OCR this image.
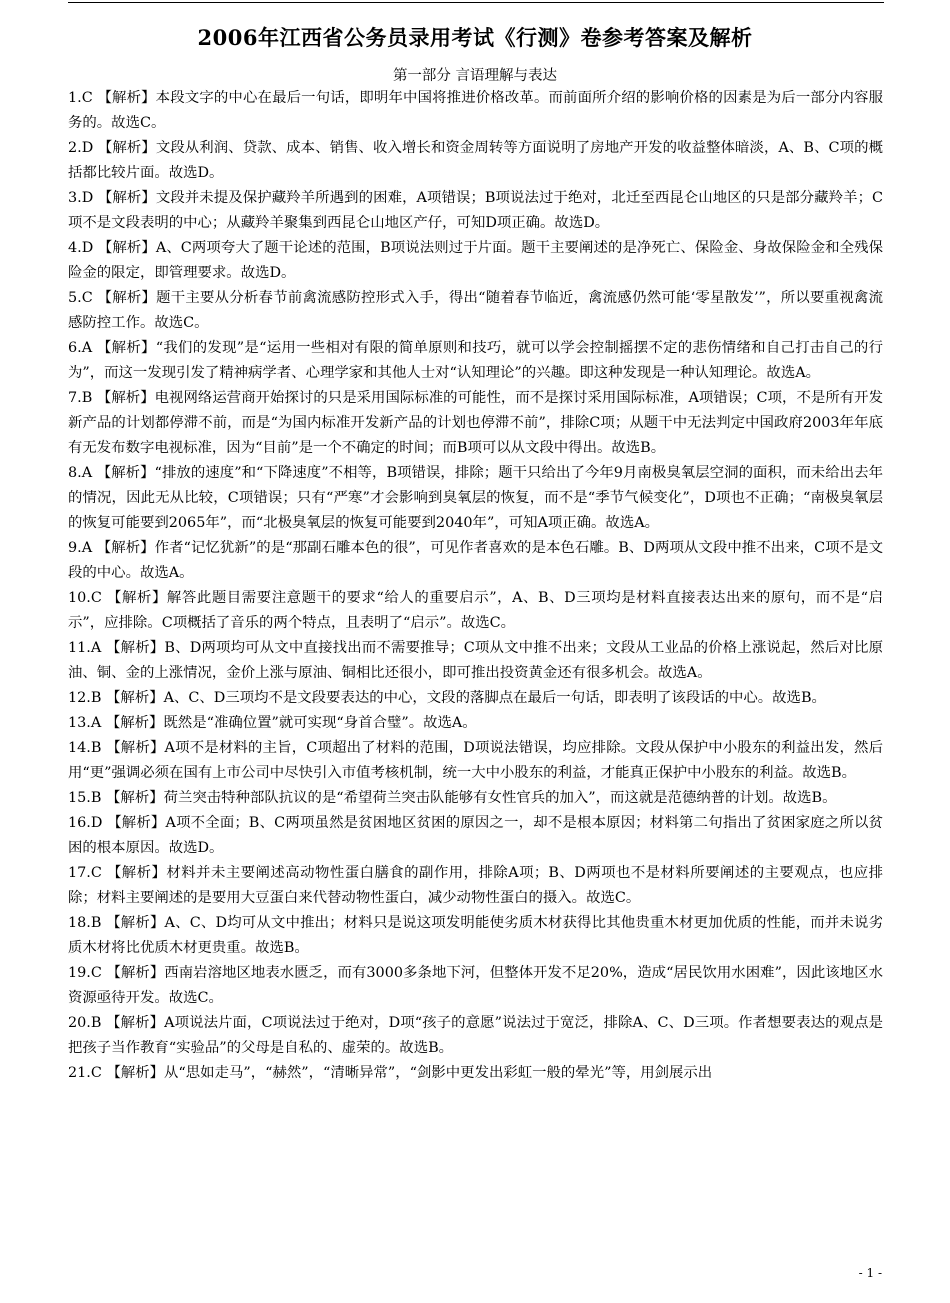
2006年江西省公务员录用考试《行测》卷参考答案及解析
第一部分 言语理解与表达

1.C 【解析】本段文字的中心在最后一句话，即明年中国将推进价格改革。而前面所介绍的影响价格的因素是为后一部分内容服务的。故选C。

2.D 【解析】文段从利润、贷款、成本、销售、收入增长和资金周转等方面说明了房地产开发的收益整体暗淡，A、B、C项的概括都比较片面。故选D。

3.D 【解析】文段并未提及保护藏羚羊所遇到的困难，A项错误；B项说法过于绝对，北迁至西昆仑山地区的只是部分藏羚羊；C项不是文段表明的中心；从藏羚羊聚集到西昆仑山地区产仔，可知D项正确。故选D。

4.D 【解析】A、C两项夸大了题干论述的范围，B项说法则过于片面。题干主要阐述的是净死亡、保险金、身故保险金和全残保险金的限定，即管理要求。故选D。

5.C 【解析】题干主要从分析春节前禽流感防控形式入手，得出“随着春节临近，禽流感仍然可能‘零星散发’”，所以要重视禽流感防控工作。故选C。

6.A 【解析】“我们的发现”是“运用一些相对有限的简单原则和技巧，就可以学会控制摇摆不定的悲伤情绪和自己打击自己的行为”，而这一发现引发了精神病学者、心理学家和其他人士对“认知理论”的兴趣。即这种发现是一种认知理论。故选A。

7.B 【解析】电视网络运营商开始探讨的只是采用国际标准的可能性，而不是探讨采用国际标准，A项错误；C项，不是所有开发新产品的计划都停滞不前，而是“为国内标准开发新产品的计划也停滞不前”，排除C项；从题干中无法判定中国政府2003年年底有无发布数字电视标准，因为“目前”是一个不确定的时间；而B项可以从文段中得出。故选B。

8.A 【解析】“排放的速度”和“下降速度”不相等，B项错误，排除；题干只给出了今年9月南极臭氧层空洞的面积，而未给出去年的情况，因此无从比较，C项错误；只有“严寒”才会影响到臭氧层的恢复，而不是“季节气候变化”，D项也不正确；“南极臭氧层的恢复可能要到2065年”，而“北极臭氧层的恢复可能要到2040年”，可知A项正确。故选A。

9.A 【解析】作者“记忆犹新”的是“那副石雕本色的很”，可见作者喜欢的是本色石雕。B、D两项从文段中推不出来，C项不是文段的中心。故选A。

10.C 【解析】解答此题目需要注意题干的要求“给人的重要启示”，A、B、D三项均是材料直接表达出来的原句，而不是“启示”，应排除。C项概括了音乐的两个特点，且表明了“启示”。故选C。

11.A 【解析】B、D两项均可从文中直接找出而不需要推导；C项从文中推不出来；文段从工业品的价格上涨说起，然后对比原油、铜、金的上涨情况，金价上涨与原油、铜相比还很小，即可推出投资黄金还有很多机会。故选A。

12.B 【解析】A、C、D三项均不是文段要表达的中心，文段的落脚点在最后一句话，即表明了该段话的中心。故选B。

13.A 【解析】既然是“准确位置”就可实现“身首合璧”。故选A。

14.B 【解析】A项不是材料的主旨，C项超出了材料的范围，D项说法错误，均应排除。文段从保护中小股东的利益出发，然后用“更”强调必须在国有上市公司中尽快引入市值考核机制，统一大中小股东的利益，才能真正保护中小股东的利益。故选B。

15.B 【解析】荷兰突击特种部队抗议的是“希望荷兰突击队能够有女性官兵的加入”，而这就是范德纳普的计划。故选B。

16.D 【解析】A项不全面；B、C两项虽然是贫困地区贫困的原因之一，却不是根本原因；材料第二句指出了贫困家庭之所以贫困的根本原因。故选D。

17.C 【解析】材料并未主要阐述高动物性蛋白膳食的副作用，排除A项；B、D两项也不是材料所要阐述的主要观点，也应排除；材料主要阐述的是要用大豆蛋白来代替动物性蛋白，减少动物性蛋白的摄入。故选C。

18.B 【解析】A、C、D均可从文中推出；材料只是说这项发明能使劣质木材获得比其他贵重木材更加优质的性能，而并未说劣质木材将比优质木材更贵重。故选B。

19.C 【解析】西南岩溶地区地表水匮乏，而有3000多条地下河，但整体开发不足20%，造成“居民饮用水困难”，因此该地区水资源亟待开发。故选C。

20.B 【解析】A项说法片面，C项说法过于绝对，D项“孩子的意愿”说法过于宽泛，排除A、C、D三项。作者想要表达的观点是把孩子当作教育“实验品”的父母是自私的、虚荣的。故选B。

21.C 【解析】从“思如走马”，“赫然”，“清晰异常”，“剑影中更发出彩虹一般的晕光”等，用剑展示出

- 1 -
